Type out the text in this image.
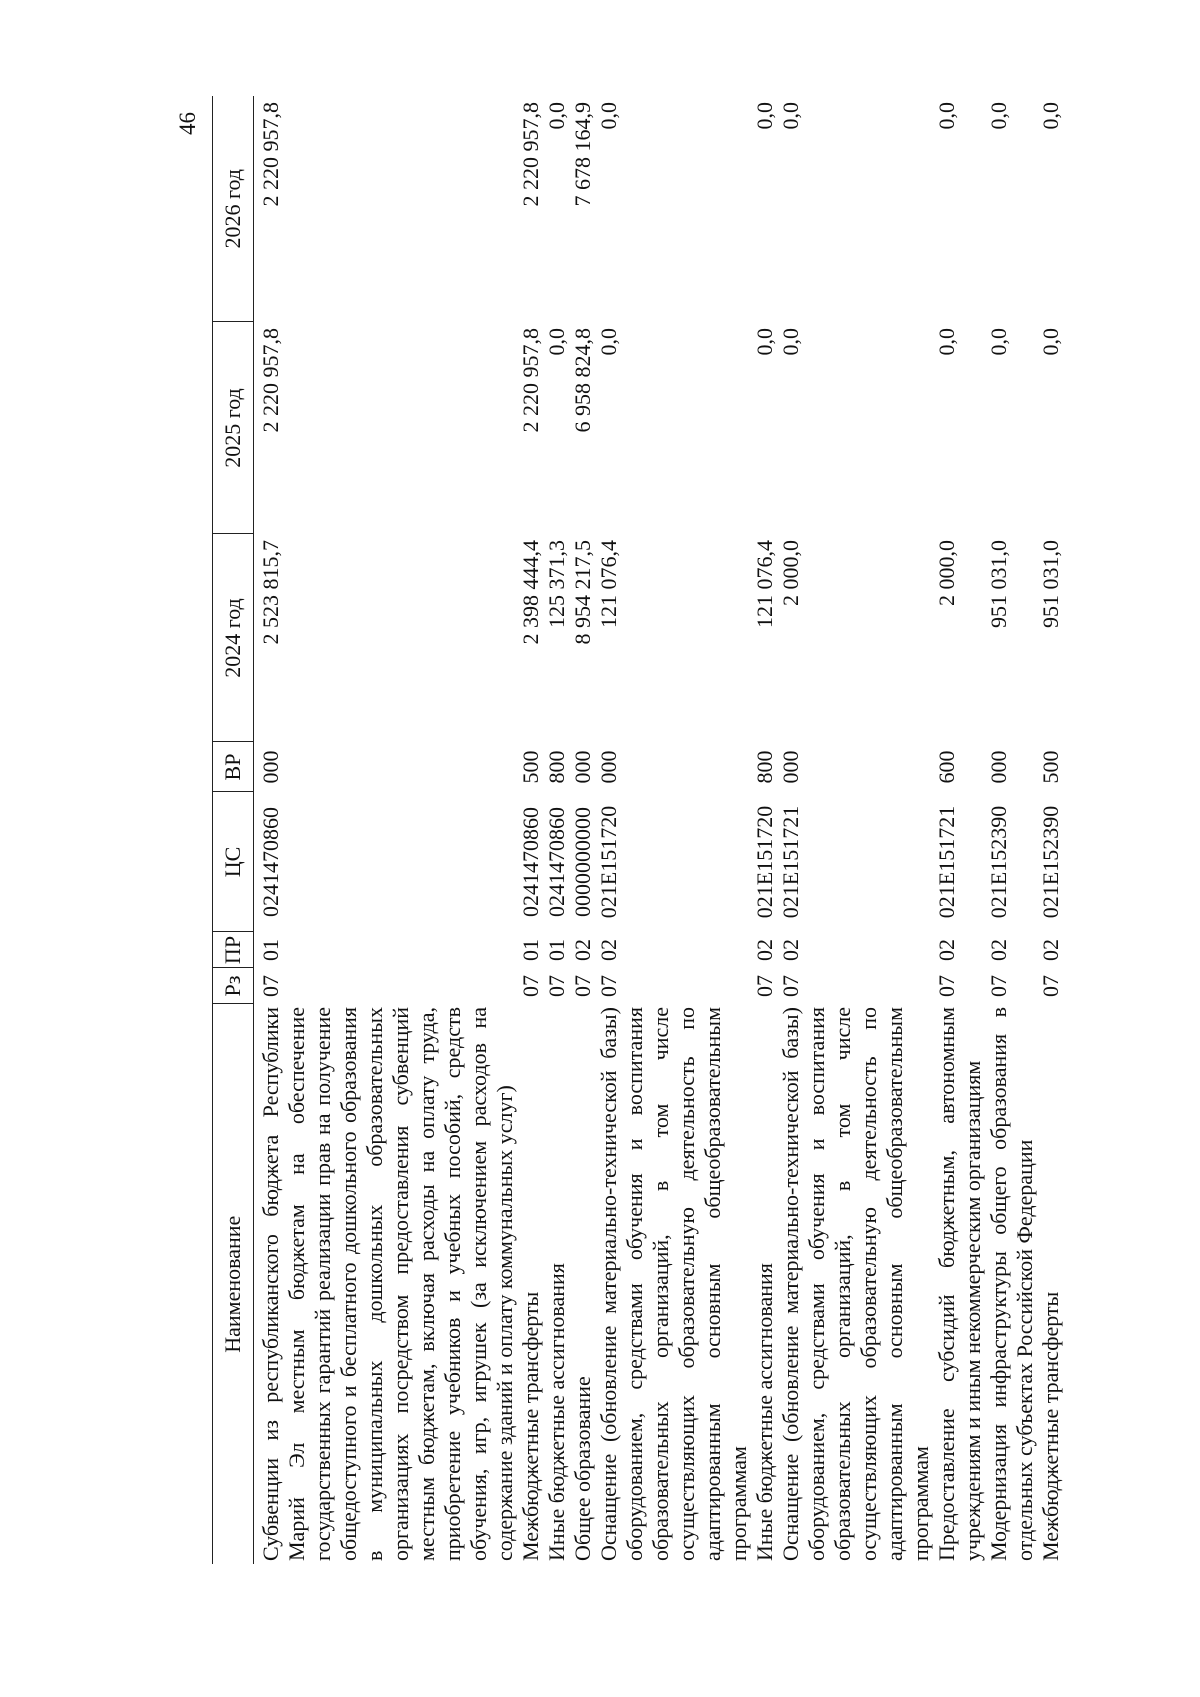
46
Наименование	Рз	ПР	ЦС	ВР	2024 год	2025 год	2026 год
Субвенции из республиканского бюджета Республики Марий Эл местным бюджетам на обеспечение государственных гарантий реализации прав на получение общедоступного и бесплатного дошкольного образования в муниципальных дошкольных образовательных организациях посредством предоставления субвенций местным бюджетам, включая расходы на оплату труда, приобретение учебников и учебных пособий, средств обучения, игр, игрушек (за исключением расходов на содержание зданий и оплату коммунальных услуг)	07	01	0241470860	000	2 523 815,7	2 220 957,8	2 220 957,8
Межбюджетные трансферты	07	01	0241470860	500	2 398 444,4	2 220 957,8	2 220 957,8
Иные бюджетные ассигнования	07	01	0241470860	800	125 371,3	0,0	0,0
Общее образование	07	02	0000000000	000	8 954 217,5	6 958 824,8	7 678 164,9
Оснащение (обновление материально-технической базы) оборудованием, средствами обучения и воспитания образовательных организаций, в том числе осуществляющих образовательную деятельность по адаптированным основным общеобразовательным программам	07	02	021E151720	000	121 076,4	0,0	0,0
Иные бюджетные ассигнования	07	02	021E151720	800	121 076,4	0,0	0,0
Оснащение (обновление материально-технической базы) оборудованием, средствами обучения и воспитания образовательных организаций, в том числе осуществляющих образовательную деятельность по адаптированным основным общеобразовательным программам	07	02	021E151721	000	2 000,0	0,0	0,0
Предоставление субсидий бюджетным, автономным учреждениям и иным некоммерческим организациям	07	02	021E151721	600	2 000,0	0,0	0,0
Модернизация инфраструктуры общего образования в отдельных субъектах Российской Федерации	07	02	021E152390	000	951 031,0	0,0	0,0
Межбюджетные трансферты	07	02	021E152390	500	951 031,0	0,0	0,0
